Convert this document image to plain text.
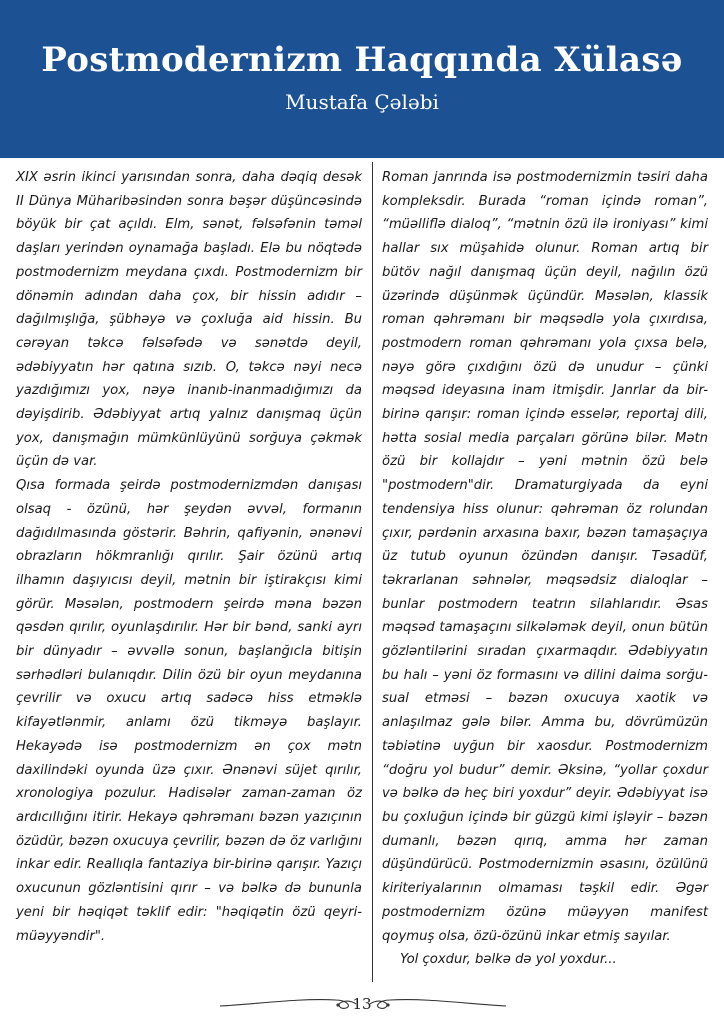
Postmodernizm Haqqında Xülasə
Mustafa Çələbi

XIX əsrin ikinci yarısından sonra, daha dəqiq desək II Dünya Müharibəsindən sonra bəşər düşüncəsində böyük bir çat açıldı. Elm, sənət, fəlsəfənin təməl daşları yerindən oynamağa başladı. Elə bu nöqtədə postmodernizm meydana çıxdı. Postmodernizm bir dönəmin adından daha çox, bir hissin adıdır – dağılmışlığa, şübhəyə və çoxluğa aid hissin. Bu cərəyan təkcə fəlsəfədə və sənətdə deyil, ədəbiyyatın hər qatına sızıb. O, təkcə nəyi necə yazdığımızı yox, nəyə inanıb-inanmadığımızı da dəyişdirib. Ədəbiyyat artıq yalnız danışmaq üçün yox, danışmağın mümkünlüyünü sorğuya çəkmək üçün də var.

Qısa formada şeirdə postmodernizmdən danışası olsaq - özünü, hər şeydən əvvəl, formanın dağıdılmasında göstərir. Bəhrin, qafiyənin, ənənəvi obrazların hökmranlığı qırılır. Şair özünü artıq ilhamın daşıyıcısı deyil, mətnin bir iştirakçısı kimi görür. Məsələn, postmodern şeirdə məna bəzən qəsdən qırılır, oyunlaşdırılır. Hər bir bənd, sanki ayrı bir dünyadır – əvvəllə sonun, başlanğıcla bitişin sərhədləri bulanıqdır. Dilin özü bir oyun meydanına çevrilir və oxucu artıq sadəcə hiss etməklə kifayətlənmir, anlamı özü tikməyə başlayır. Hekayədə isə postmodernizm ən çox mətn daxilindəki oyunda üzə çıxır. Ənənəvi süjet qırılır, xronologiya pozulur. Hadisələr zaman-zaman öz ardıcıllığını itirir. Hekayə qəhrəmanı bəzən yazıçının özüdür, bəzən oxucuya çevrilir, bəzən də öz varlığını inkar edir. Reallıqla fantaziya bir-birinə qarışır. Yazıçı oxucunun gözləntisini qırır – və bəlkə də bununla yeni bir həqiqət təklif edir: "həqiqətin özü qeyri-müəyyəndir".

Roman janrında isə postmodernizmin təsiri daha kompleksdir. Burada “roman içində roman”, “müəlliflə dialoq”, “mətnin özü ilə ironiyası” kimi hallar sıx müşahidə olunur. Roman artıq bir bütöv nağıl danışmaq üçün deyil, nağılın özü üzərində düşünmək üçündür. Məsələn, klassik roman qəhrəmanı bir məqsədlə yola çıxırdısa, postmodern roman qəhrəmanı yola çıxsa belə, nəyə görə çıxdığını özü də unudur – çünki məqsəd ideyasına inam itmişdir. Janrlar da bir-birinə qarışır: roman içində esselər, reportaj dili, hətta sosial media parçaları görünə bilər. Mətn özü bir kollajdır – yəni mətnin özü belə "postmodern"dir. Dramaturgiyada da eyni tendensiya hiss olunur: qəhrəman öz rolundan çıxır, pərdənin arxasına baxır, bəzən tamaşaçıya üz tutub oyunun özündən danışır. Təsadüf, təkrarlanan səhnələr, məqsədsiz dialoqlar – bunlar postmodern teatrın silahlarıdır. Əsas məqsəd tamaşaçını silkələmək deyil, onun bütün gözləntilərini sıradan çıxarmaqdır. Ədəbiyyatın bu halı – yəni öz formasını və dilini daima sorğu-sual etməsi – bəzən oxucuya xaotik və anlaşılmaz gələ bilər. Amma bu, dövrümüzün təbiətinə uyğun bir xaosdur. Postmodernizm “doğru yol budur” demir. Əksinə, “yollar çoxdur və bəlkə də heç biri yoxdur” deyir. Ədəbiyyat isə bu çoxluğun içində bir güzgü kimi işləyir – bəzən dumanlı, bəzən qırıq, amma hər zaman düşündürücü. Postmodernizmin əsasını, özülünü kiriteriyalarının olmaması təşkil edir. Əgər postmodernizm özünə müəyyən manifest qoymuş olsa, özü-özünü inkar etmiş sayılar.

Yol çoxdur, bəlkə də yol yoxdur...

13
